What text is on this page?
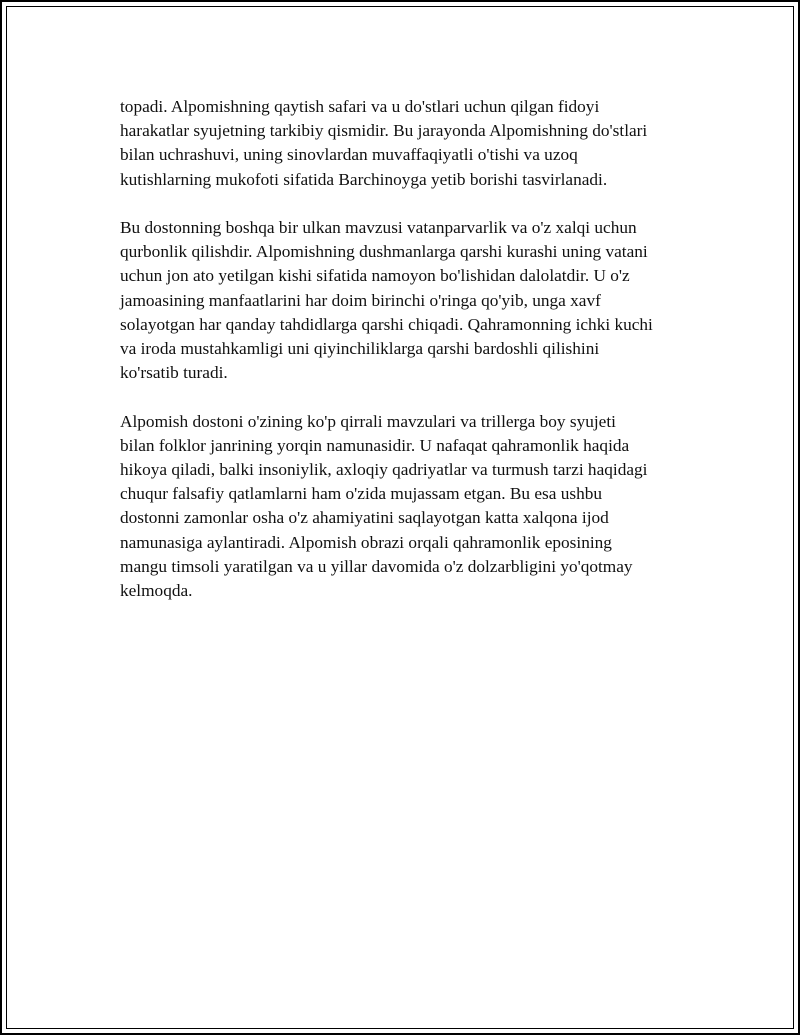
topadi. Alpomishning qaytish safari va u do'stlari uchun qilgan fidoyi
harakatlar syujetning tarkibiy qismidir. Bu jarayonda Alpomishning do'stlari
bilan uchrashuvi, uning sinovlardan muvaffaqiyatli o'tishi va uzoq
kutishlarning mukofoti sifatida Barchinoyga yetib borishi tasvirlanadi.

Bu dostonning boshqa bir ulkan mavzusi vatanparvarlik va o'z xalqi uchun
qurbonlik qilishdir. Alpomishning dushmanlarga qarshi kurashi uning vatani
uchun jon ato yetilgan kishi sifatida namoyon bo'lishidan dalolatdir. U o'z
jamoasining manfaatlarini har doim birinchi o'ringa qo'yib, unga xavf
solayotgan har qanday tahdidlarga qarshi chiqadi. Qahramonning ichki kuchi
va iroda mustahkamligi uni qiyinchiliklarga qarshi bardoshli qilishini
ko'rsatib turadi.

Alpomish dostoni o'zining ko'p qirrali mavzulari va trillerga boy syujeti
bilan folklor janrining yorqin namunasidir. U nafaqat qahramonlik haqida
hikoya qiladi, balki insoniylik, axloqiy qadriyatlar va turmush tarzi haqidagi
chuqur falsafiy qatlamlarni ham o'zida mujassam etgan. Bu esa ushbu
dostonni zamonlar osha o'z ahamiyatini saqlayotgan katta xalqona ijod
namunasiga aylantiradi. Alpomish obrazi orqali qahramonlik eposining
mangu timsoli yaratilgan va u yillar davomida o'z dolzarbligini yo'qotmay
kelmoqda.
